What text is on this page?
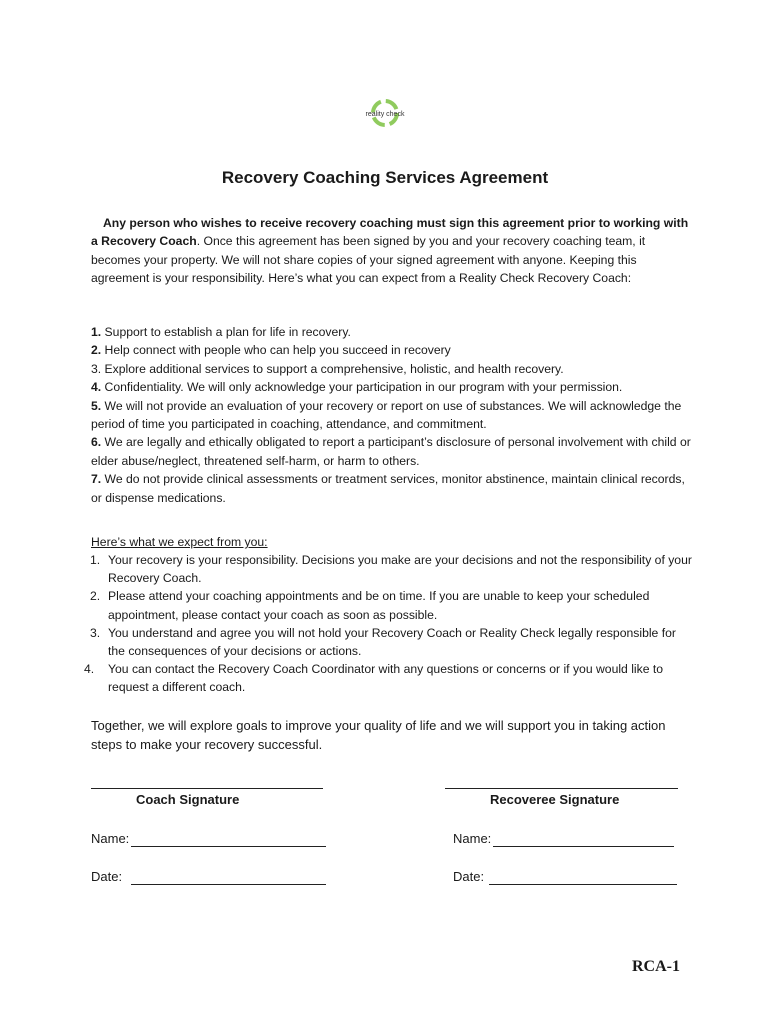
reality check
Recovery Coaching Services Agreement
Any person who wishes to receive recovery coaching must sign this agreement prior to working with a Recovery Coach. Once this agreement has been signed by you and your recovery coaching team, it becomes your property. We will not share copies of your signed agreement with anyone. Keeping this agreement is your responsibility. Here’s what you can expect from a Reality Check Recovery Coach:
1. Support to establish a plan for life in recovery.
2. Help connect with people who can help you succeed in recovery
3. Explore additional services to support a comprehensive, holistic, and health recovery.
4. Confidentiality. We will only acknowledge your participation in our program with your permission.
5. We will not provide an evaluation of your recovery or report on use of substances. We will acknowledge the period of time you participated in coaching, attendance, and commitment.
6. We are legally and ethically obligated to report a participant’s disclosure of personal involvement with child or elder abuse/neglect, threatened self-harm, or harm to others.
7. We do not provide clinical assessments or treatment services, monitor abstinence, maintain clinical records, or dispense medications.
Here’s what we expect from you:
1. Your recovery is your responsibility. Decisions you make are your decisions and not the responsibility of your Recovery Coach.
2. Please attend your coaching appointments and be on time. If you are unable to keep your scheduled appointment, please contact your coach as soon as possible.
3. You understand and agree you will not hold your Recovery Coach or Reality Check legally responsible for the consequences of your decisions or actions.
4. You can contact the Recovery Coach Coordinator with any questions or concerns or if you would like to request a different coach.
Together, we will explore goals to improve your quality of life and we will support you in taking action steps to make your recovery successful.
Coach Signature	Recoveree Signature
Name:	Name:
Date:	Date:
RCA-1
